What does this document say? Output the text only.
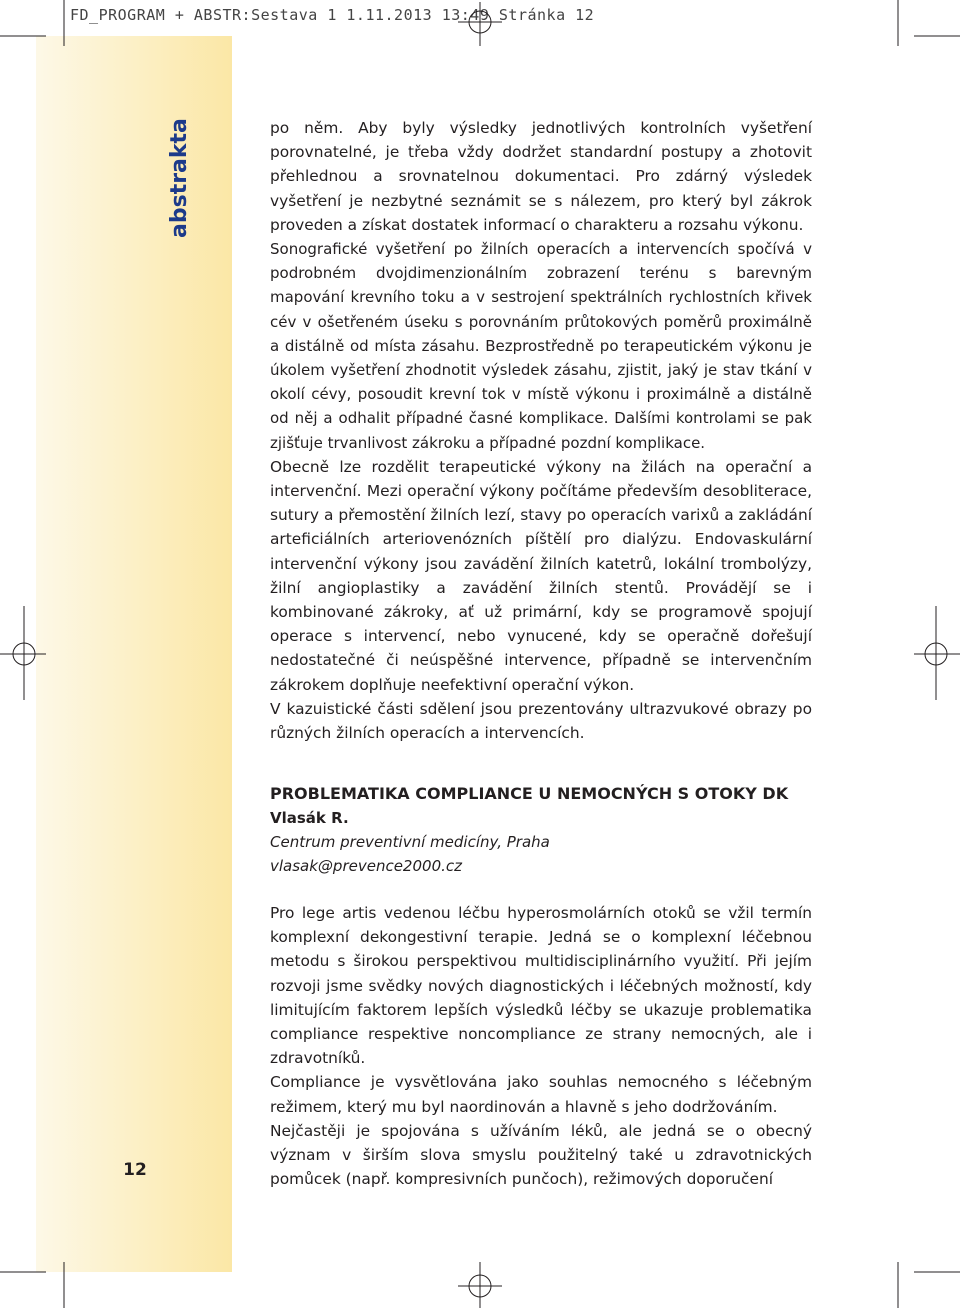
FD_PROGRAM + ABSTR:Sestava 1 1.11.2013 13:49 Stránka 12

abstrakta

12

po něm. Aby byly výsledky jednotlivých kontrolních vyšetření porovnatelné, je třeba vždy dodržet standardní postupy a zhotovit přehlednou a srovnatelnou dokumentaci. Pro zdárný výsledek vyšetření je nezbytné seznámit se s nálezem, pro který byl zákrok proveden a získat dostatek informací o charakteru a rozsahu výkonu.

Sonografické vyšetření po žilních operacích a intervencích spočívá v podrobném dvojdimenzionálním zobrazení terénu s barevným mapování krevního toku a v sestrojení spektrálních rychlostních křivek cév v ošetřeném úseku s porovnáním průtokových poměrů proximálně a distálně od místa zásahu. Bezprostředně po terapeutickém výkonu je úkolem vyšetření zhodnotit výsledek zásahu, zjistit, jaký je stav tkání v okolí cévy, posoudit krevní tok v místě výkonu i proximálně a distálně od něj a odhalit případné časné komplikace. Dalšími kontrolami se pak zjišťuje trvanlivost zákroku a případné pozdní komplikace.

Obecně lze rozdělit terapeutické výkony na žilách na operační a intervenční. Mezi operační výkony počítáme především desobliterace, sutury a přemostění žilních lezí, stavy po operacích varixů a zakládání arteficiálních arteriovenózních píštělí pro dialýzu. Endovaskulární intervenční výkony jsou zavádění žilních katetrů, lokální trombolýzy, žilní angioplastiky a zavádění žilních stentů. Provádějí se i kombinované zákroky, ať už primární, kdy se programově spojují operace s intervencí, nebo vynucené, kdy se operačně dořešují nedostatečné či neúspěšné intervence, případně se intervenčním zákrokem doplňuje neefektivní operační výkon.

V kazuistické části sdělení jsou prezentovány ultrazvukové obrazy po různých žilních operacích a intervencích.

PROBLEMATIKA COMPLIANCE U NEMOCNÝCH S OTOKY DK

Vlasák R.

Centrum preventivní medicíny, Praha

vlasak@prevence2000.cz

Pro lege artis vedenou léčbu hyperosmolárních otoků se vžil termín komplexní dekongestivní terapie. Jedná se o komplexní léčebnou metodu s širokou perspektivou multidisciplinárního využití. Při jejím rozvoji jsme svědky nových diagnostických i léčebných možností, kdy limitujícím faktorem lepších výsledků léčby se ukazuje problematika compliance respektive noncompliance ze strany nemocných, ale i zdravotníků.

Compliance je vysvětlována jako souhlas nemocného s léčebným režimem, který mu byl naordinován a hlavně s jeho dodržováním.

Nejčastěji je spojována s užíváním léků, ale jedná se o obecný význam v širším slova smyslu použitelný také u zdravotnických pomůcek (např. kompresivních punčoch), režimových doporučení
